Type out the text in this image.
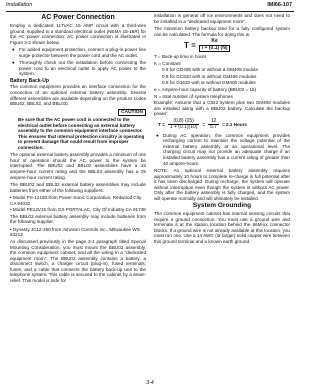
Installation	IMI66-107
AC Power Connection
Employ a dedicated 117VAC 15 AMP circuit with a third-wire ground, supplied to a standard electrical outlet (NEMA 15-15R) for the AC power connection. AC power connection is illustrated in Figure 3-2 shown below.
● For added equipment protection, connect a plug-in power line surge protector between the power cord and the AC outlet.
● Thoroughly check out the installation before connecting the power cord to an electrical outlet to apply AC power to the system.
Battery Back-Up
The common equipment provides an interface connection for the connection of an optional external battery assembly. Several different assemblies are available depending on the product codes BBU02, BBL02, and BBL03).
CAUTION
Be sure that the AC power cord is connected to the electrical outlet before connecting an external battery assembly to the common equipment interface connector. This ensures that internal protection circuitry is operating to prevent damage that could result from improper connection.
The optional external battery assembly provides a minimum of one hour of operation should the AC power to the system be interrupted. The BBU02 and BBL02 assemblies have a 15 ampere-hour current rating and the BBL03 assembly has a 25 ampere-hour current rating.
The BBU02 and BBL02 external battery assemblies may include batteries from either of the following suppliers:
• Model PS-12150 from Power-Sonic Corporation, Redwood City CA 94032
• Model PE12V15 from GS PORTALAC, City Of Industry CA 91748
The BBL03 external battery assembly may include batteries from the following supplier:
• Dynasty JC12-250 from Johnson Controls Inc., Milwaukee WS 53212
As discussed previously in the page 3-1 paragraph titled Special Mounting Consideration, you must mount the BBU02 assembly, the common equipment cabinet, and all the wiring in a "dedicated equipment room". The BBU02 assembly contains a battery, a disconnect switch, a charger circuit (plug-in), fused terminals, fuses, and a cable that connects the battery back-up unit to the telephone system. This cable is secured to the cabinet by a strain-relief. This model is safe for
installation in general off ice environments and does not need to be installed in a "dedicated equipment room".
The minimum battery backup time for a fully configured system can be calculated. The formula for doing this is:
$T = \frac{Ke}{I + (0.1) (N)}$
T = Back-up time in hours
K = Constant
0.9 for GD408 with or without a GM408 module
0.8 for GC810 with or without GM406 modules
0.8 for G1632 with or without GM406 modules
e = Ampere-hour capacity of battery (BBU02 = 15)
N = total number of system telephones
Example: Assume that a C822 system plus two GM408 modules are installed along with a BBU02 battery. Calculate the backup power:
$T = \frac{(0.8) (15)}{1 + (0.1)(10)} = \frac{12}{5.7} = 2.1$ Hours
● During AC operation, the common equipment provides recharging current to maintain the voltage potential of the external battery assembly at an operational level. The charging circuit may not provide an adequate charge if an installed battery assembly has a current rating of greater than 40 ampere-hours.
NOTE: An optional external battery assembly requires approximately 10 hours to complete re-charge in full potential after it has been discharged. During recharge, the system will operate without interruption even though the system is without AC power. Only after the battery assembly is fully charged, and the system will operate normally and will ultimately be installed.
System Grounding
The common equipment cabinet has internal sensing circuits that require a ground connection. You must use a ground wire and terminate it at the station location behind the 66M-xx connector blocks. If a ground wire is not already available at this location, you must run one. Use a 14 AWG (or larger) solid copper wire between this ground terminal and a known earth ground.
3-4
